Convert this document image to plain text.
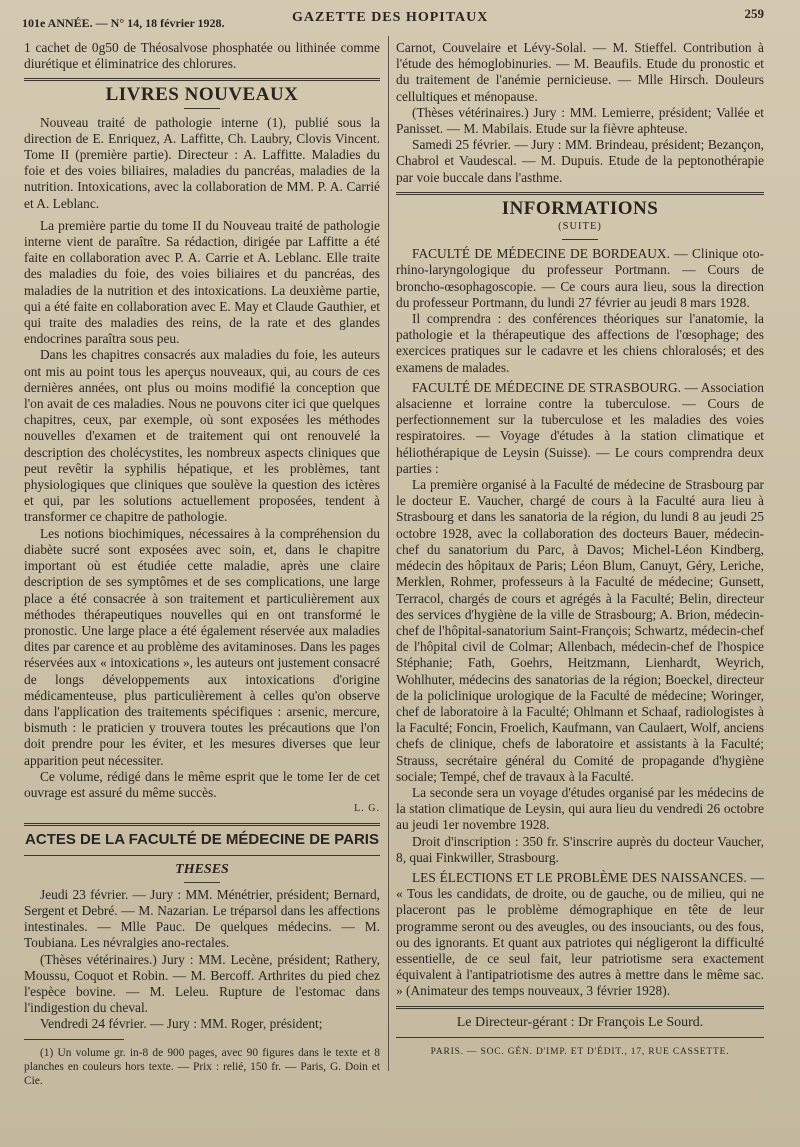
101e ANNÉE. — N° 14, 18 février 1928.	GAZETTE DES HOPITAUX	259

1 cachet de 0g50 de Théosalvose phosphatée ou lithinée comme diurétique et éliminatrice des chlorures.

LIVRES NOUVEAUX

Nouveau traité de pathologie interne (1), publié sous la direction de E. Enriquez, A. Laffitte, Ch. Laubry, Clovis Vincent. Tome II (première partie). Directeur : A. Laffitte. Maladies du foie et des voies biliaires, maladies du pancréas, maladies de la nutrition. Intoxications, avec la collaboration de MM. P. A. Carrié et A. Leblanc.

La première partie du tome II du Nouveau traité de pathologie interne vient de paraître. Sa rédaction, dirigée par Laffitte a été faite en collaboration avec P. A. Carrie et A. Leblanc. Elle traite des maladies du foie, des voies biliaires et du pancréas, des maladies de la nutrition et des intoxications. La deuxième partie, qui a été faite en collaboration avec E. May et Claude Gauthier, et qui traite des maladies des reins, de la rate et des glandes endocrines paraîtra sous peu.

Dans les chapitres consacrés aux maladies du foie, les auteurs ont mis au point tous les aperçus nouveaux, qui, au cours de ces dernières années, ont plus ou moins modifié la conception que l'on avait de ces maladies. Nous ne pouvons citer ici que quelques chapitres, ceux, par exemple, où sont exposées les méthodes nouvelles d'examen et de traitement qui ont renouvelé la description des cholécystites, les nombreux aspects cliniques que peut revêtir la syphilis hépatique, et les problèmes, tant physiologiques que cliniques que soulève la question des ictères et qui, par les solutions actuellement proposées, tendent à transformer ce chapitre de pathologie.

Les notions biochimiques, nécessaires à la compréhension du diabète sucré sont exposées avec soin, et, dans le chapitre important où est étudiée cette maladie, après une claire description de ses symptômes et de ses complications, une large place a été consacrée à son traitement et particulièrement aux méthodes thérapeutiques nouvelles qui en ont transformé le pronostic. Une large place a été également réservée aux maladies dites par carence et au problème des avitaminoses. Dans les pages réservées aux « intoxications », les auteurs ont justement consacré de longs développements aux intoxications d'origine médicamenteuse, plus particulièrement à celles qu'on observe dans l'application des traitements spécifiques : arsenic, mercure, bismuth : le praticien y trouvera toutes les précautions que l'on doit prendre pour les éviter, et les mesures diverses que leur apparition peut nécessiter.

Ce volume, rédigé dans le même esprit que le tome Ier de cet ouvrage est assuré du même succès.

L. G.
ACTES DE LA FACULTÉ DE MÉDECINE DE PARIS
THESES

Jeudi 23 février. — Jury : MM. Ménétrier, président; Bernard, Sergent et Debré. — M. Nazarian. Le tréparsol dans les affections intestinales. — Mlle Pauc. De quelques médecins. — M. Toubiana. Les névralgies ano-rectales.

(Thèses vétérinaires.) Jury : MM. Lecène, président; Rathery, Moussu, Coquot et Robin. — M. Bercoff. Arthrites du pied chez l'espèce bovine. — M. Leleu. Rupture de l'estomac dans l'indigestion du cheval.

Vendredi 24 février. — Jury : MM. Roger, président;

(1) Un volume gr. in-8 de 900 pages, avec 90 figures dans le texte et 8 planches en couleurs hors texte. — Prix : relié, 150 fr. — Paris, G. Doin et Cie.

Carnot, Couvelaire et Lévy-Solal. — M. Stieffel. Contribution à l'étude des hémoglobinuries. — M. Beaufils. Etude du pronostic et du traitement de l'anémie pernicieuse. — Mlle Hirsch. Douleurs cellultiques et ménopause.

(Thèses vétérinaires.) Jury : MM. Lemierre, président; Vallée et Panisset. — M. Mabilais. Etude sur la fièvre aphteuse.

Samedi 25 février. — Jury : MM. Brindeau, président; Bezançon, Chabrol et Vaudescal. — M. Dupuis. Etude de la peptonothérapie par voie buccale dans l'asthme.

INFORMATIONS
(SUITE)

FACULTÉ DE MÉDECINE DE BORDEAUX. — Clinique oto-rhino-laryngologique du professeur Portmann. — Cours de broncho-œsophagoscopie. — Ce cours aura lieu, sous la direction du professeur Portmann, du lundi 27 février au jeudi 8 mars 1928.

Il comprendra : des conférences théoriques sur l'anatomie, la pathologie et la thérapeutique des affections de l'œsophage; des exercices pratiques sur le cadavre et les chiens chloralosés; et des examens de malades.

FACULTÉ DE MÉDECINE DE STRASBOURG. — Association alsacienne et lorraine contre la tuberculose. — Cours de perfectionnement sur la tuberculose et les maladies des voies respiratoires. — Voyage d'études à la station climatique et héliothérapique de Leysin (Suisse). — Le cours comprendra deux parties :

La première organisé à la Faculté de médecine de Strasbourg par le docteur E. Vaucher, chargé de cours à la Faculté aura lieu à Strasbourg et dans les sanatoria de la région, du lundi 8 au jeudi 25 octobre 1928, avec la collaboration des docteurs Bauer, médecin-chef du sanatorium du Parc, à Davos; Michel-Léon Kindberg, médecin des hôpitaux de Paris; Léon Blum, Canuyt, Géry, Leriche, Merklen, Rohmer, professeurs à la Faculté de médecine; Gunsett, Terracol, chargés de cours et agrégés à la Faculté; Belin, directeur des services d'hygiène de la ville de Strasbourg; A. Brion, médecin-chef de l'hôpital-sanatorium Saint-François; Schwartz, médecin-chef de l'hôpital civil de Colmar; Allenbach, médecin-chef de l'hospice Stéphanie; Fath, Goehrs, Heitzmann, Lienhardt, Weyrich, Wohlhuter, médecins des sanatorias de la région; Boeckel, directeur de la policlinique urologique de la Faculté de médecine; Woringer, chef de laboratoire à la Faculté; Ohlmann et Schaaf, radiologistes à la Faculté; Foncin, Froelich, Kaufmann, van Caulaert, Wolf, anciens chefs de clinique, chefs de laboratoire et assistants à la Faculté; Strauss, secrétaire général du Comité de propagande d'hygiène sociale; Tempé, chef de travaux à la Faculté.

La seconde sera un voyage d'études organisé par les médecins de la station climatique de Leysin, qui aura lieu du vendredi 26 octobre au jeudi 1er novembre 1928.

Droit d'inscription : 350 fr. S'inscrire auprès du docteur Vaucher, 8, quai Finkwiller, Strasbourg.

LES ÉLECTIONS ET LE PROBLÈME DES NAISSANCES. — « Tous les candidats, de droite, ou de gauche, ou de milieu, qui ne placeront pas le problème démographique en tête de leur programme seront ou des aveugles, ou des insouciants, ou des fous, ou des ignorants. Et quant aux patriotes qui négligeront la difficulté essentielle, de ce seul fait, leur patriotisme sera exactement équivalent à l'antipatriotisme des autres à mettre dans le même sac. » (Animateur des temps nouveaux, 3 février 1928).

Le Directeur-gérant : Dr François Le Sourd.
PARIS. — SOC. GÉN. D'IMP. ET D'ÉDIT., 17, RUE CASSETTE.
